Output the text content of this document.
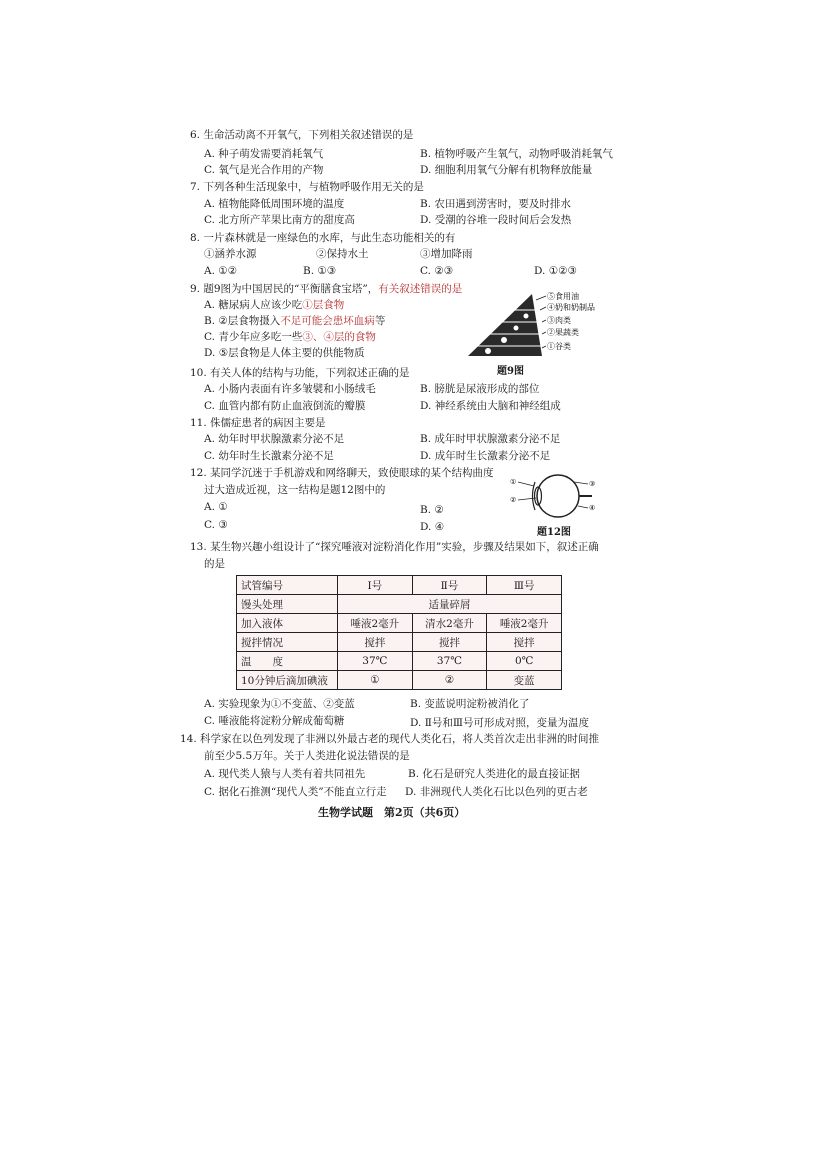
6. 生命活动离不开氧气，下列相关叙述错误的是
A. 种子萌发需要消耗氧气	B. 植物呼吸产生氧气，动物呼吸消耗氧气
C. 氧气是光合作用的产物	D. 细胞利用氧气分解有机物释放能量
7. 下列各种生活现象中，与植物呼吸作用无关的是
A. 植物能降低周围环境的温度	B. 农田遇到涝害时，要及时排水
C. 北方所产苹果比南方的甜度高	D. 受潮的谷堆一段时间后会发热
8. 一片森林就是一座绿色的水库，与此生态功能相关的有
①涵养水源	②保持水土	③增加降雨
A. ①②	B. ①③	C. ②③	D. ①②③
9. 题9图为中国居民的“平衡膳食宝塔”，有关叙述错误的是
A. 糖尿病人应该少吃①层食物
B. ②层食物摄入不足可能会患坏血病等
C. 青少年应多吃一些③、④层的食物
D. ⑤层食物是人体主要的供能物质
⑤食用油
④奶和奶制品
③肉类
②果蔬类
①谷类
题9图
10. 有关人体的结构与功能，下列叙述正确的是
A. 小肠内表面有许多皱襞和小肠绒毛	B. 膀胱是尿液形成的部位
C. 血管内都有防止血液倒流的瓣膜	D. 神经系统由大脑和神经组成
11. 侏儒症患者的病因主要是
A. 幼年时甲状腺激素分泌不足	B. 成年时甲状腺激素分泌不足
C. 幼年时生长激素分泌不足	D. 成年时生长激素分泌不足
12. 某同学沉迷于手机游戏和网络聊天，致使眼球的某个结构曲度
过大造成近视，这一结构是题12图中的
A. ①	B. ②
C. ③	D. ④
①
②
③
④
题12图
13. 某生物兴趣小组设计了“探究唾液对淀粉消化作用”实验，步骤及结果如下，叙述正确
的是
试管编号	Ⅰ号	Ⅱ号	Ⅲ号
馒头处理	适量碎屑		
加入液体	唾液2毫升	清水2毫升	唾液2毫升
搅拌情况	搅拌	搅拌	搅拌
温　　度	37℃	37℃	0℃
10分钟后滴加碘液	①	②	变蓝
A. 实验现象为①不变蓝、②变蓝	B. 变蓝说明淀粉被消化了
C. 唾液能将淀粉分解成葡萄糖	D. Ⅱ号和Ⅲ号可形成对照，变量为温度
14. 科学家在以色列发现了非洲以外最古老的现代人类化石，将人类首次走出非洲的时间推
前至少5.5万年。关于人类进化说法错误的是
A. 现代类人猿与人类有着共同祖先	B. 化石是研究人类进化的最直接证据
C. 据化石推测“现代人类”不能直立行走 D. 非洲现代人类化石比以色列的更古老
生物学试题　第2页（共6页）
